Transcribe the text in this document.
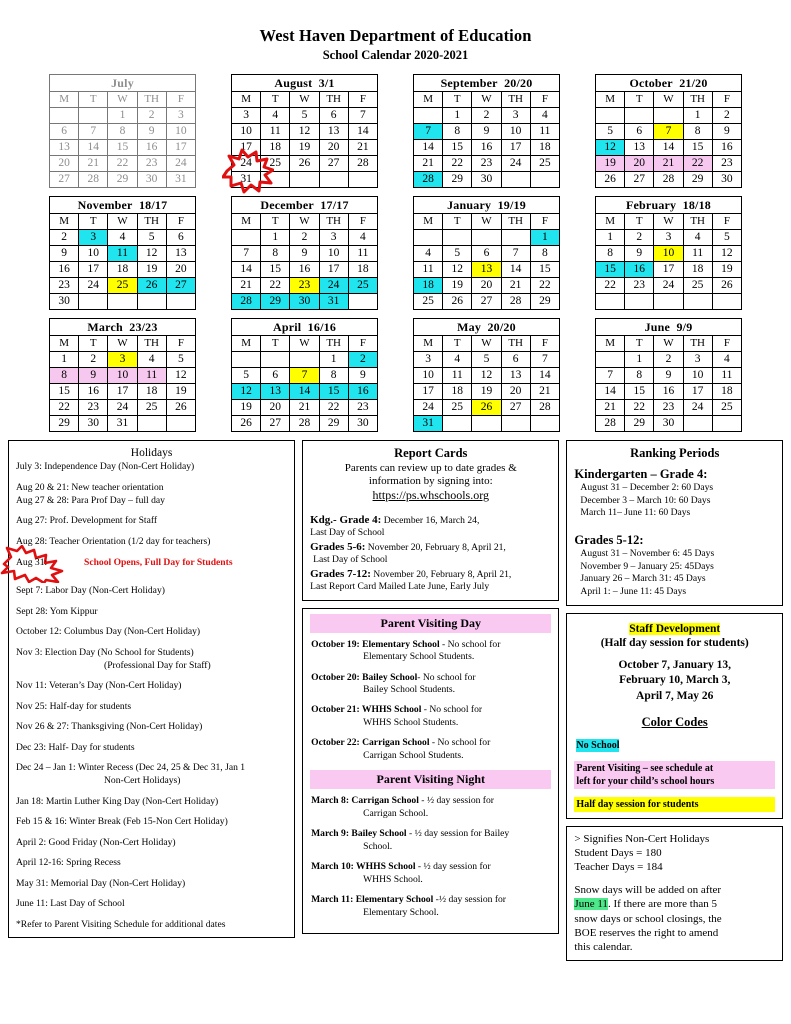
West Haven Department of Education
School Calendar 2020-2021
July				
M	T	W	TH	F
		1	2	3
6	7	8	9	10
13	14	15	16	17
20	21	22	23	24
27	28	29	30	31
August  3/1				
M	T	W	TH	F
3	4	5	6	7
10	11	12	13	14
17	18	19	20	21
24	25	26	27	28
31				
September  20/20				
M	T	W	TH	F
	1	2	3	4
7	8	9	10	11
14	15	16	17	18
21	22	23	24	25
28	29	30		
October  21/20				
M	T	W	TH	F
			1	2
5	6	7	8	9
12	13	14	15	16
19	20	21	22	23
26	27	28	29	30
November  18/17				
M	T	W	TH	F
2	3	4	5	6
9	10	11	12	13
16	17	18	19	20
23	24	25	26	27
30				
December  17/17				
M	T	W	TH	F
	1	2	3	4
7	8	9	10	11
14	15	16	17	18
21	22	23	24	25
28	29	30	31	
January  19/19				
M	T	W	TH	F
				1
4	5	6	7	8
11	12	13	14	15
18	19	20	21	22
25	26	27	28	29
February  18/18				
M	T	W	TH	F
1	2	3	4	5
8	9	10	11	12
15	16	17	18	19
22	23	24	25	26

March  23/23				
M	T	W	TH	F
1	2	3	4	5
8	9	10	11	12
15	16	17	18	19
22	23	24	25	26
29	30	31		
April  16/16				
M	T	W	TH	F
			1	2
5	6	7	8	9
12	13	14	15	16
19	20	21	22	23
26	27	28	29	30
May  20/20				
M	T	W	TH	F
3	4	5	6	7
10	11	12	13	14
17	18	19	20	21
24	25	26	27	28
31				
June  9/9				
M	T	W	TH	F
	1	2	3	4
7	8	9	10	11
14	15	16	17	18
21	22	23	24	25
28	29	30		
Holidays
July 3: Independence Day (Non-Cert Holiday)
Aug 20 & 21: New teacher orientation
Aug 27 & 28: Para Prof Day – full day
Aug 27: Prof. Development for Staff
Aug 28: Teacher Orientation (1/2 day for teachers)
Aug 31:	School Opens, Full Day for Students
Sept 7: Labor Day (Non-Cert Holiday)
Sept 28: Yom Kippur
October 12: Columbus Day (Non-Cert Holiday)
Nov 3: Election Day (No School for Students)
(Professional Day for Staff)
Nov 11: Veteran’s Day (Non-Cert Holiday)
Nov 25: Half-day for students
Nov 26 & 27: Thanksgiving (Non-Cert Holiday)
Dec 23: Half- Day for students
Dec 24 – Jan 1: Winter Recess (Dec 24, 25 & Dec 31, Jan 1
Non-Cert Holidays)
Jan 18: Martin Luther King Day (Non-Cert Holiday)
Feb 15 & 16: Winter Break (Feb 15-Non Cert Holiday)
April 2: Good Friday (Non-Cert Holiday)
April 12-16: Spring Recess
May 31: Memorial Day (Non-Cert Holiday)
June 11: Last Day of School
*Refer to Parent Visiting Schedule for additional dates
Report Cards
Parents can review up to date grades &
information by signing into:
https://ps.whschools.org
Kdg.- Grade 4: December 16, March 24,
Last Day of School
Grades 5-6: November 20, February 8, April 21,
Last Day of School
Grades 7-12: November 20, February 8, April 21,
Last Report Card Mailed Late June, Early July
Parent Visiting Day
October 19: Elementary School - No school for
Elementary School Students.
October 20: Bailey School- No school for
Bailey School Students.
October 21: WHHS School - No school for
WHHS School Students.
October 22: Carrigan School - No school for
Carrigan School Students.
Parent Visiting Night
March 8: Carrigan School - ½ day session for
Carrigan School.
March 9: Bailey School - ½ day session for Bailey
School.
March 10: WHHS School - ½ day session for
WHHS School.
March 11: Elementary School -½ day session for
Elementary School.
Ranking Periods
Kindergarten – Grade 4:
August 31 – December 2: 60 Days
December 3 – March 10: 60 Days
March 11– June 11: 60 Days
Grades 5-12:
August 31 – November 6: 45 Days
November 9 – January 25: 45Days
January 26 – March 31: 45 Days
April 1: – June 11: 45 Days
Staff Development
(Half day session for students)
October 7, January 13,
February 10, March 3,
April 7, May 26
Color Codes
No School
Parent Visiting – see schedule at
left for your child’s school hours
Half day session for students
> Signifies Non-Cert Holidays
Student Days = 180
Teacher Days = 184
Snow days will be added on after
June 11. If there are more than 5
snow days or school closings, the
BOE reserves the right to amend
this calendar.
